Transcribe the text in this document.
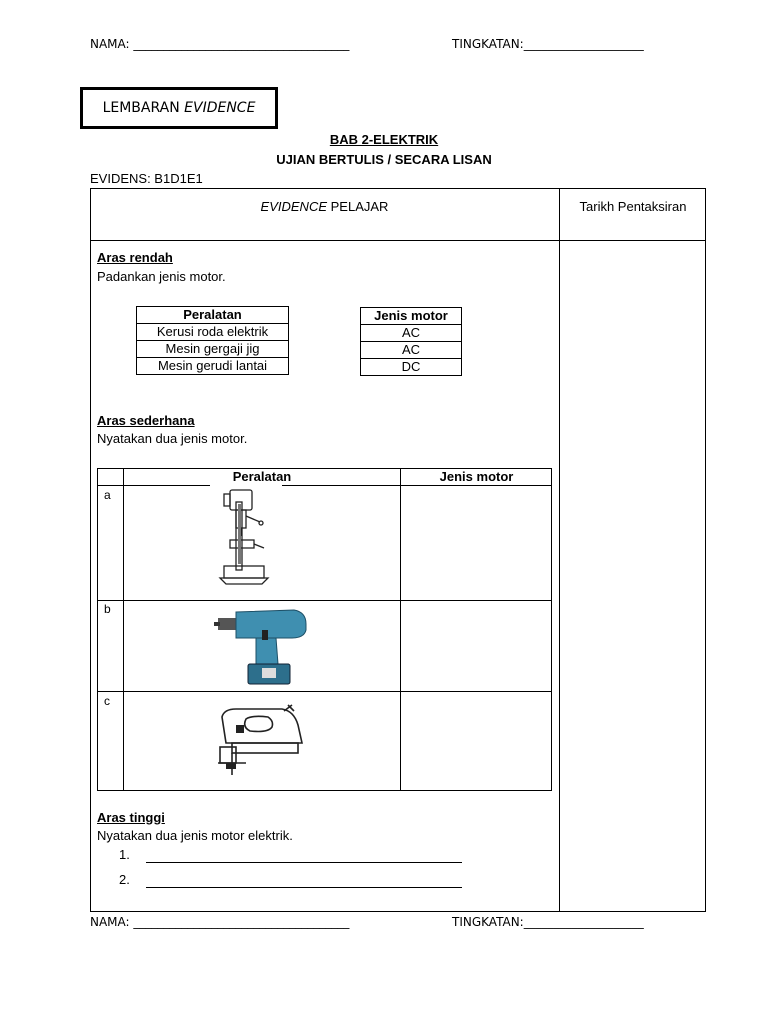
NAMA: ____________________________________	TINGKATAN:____________________
LEMBARAN EVIDENCE
BAB 2-ELEKTRIK
UJIAN BERTULIS / SECARA LISAN
EVIDENS: B1D1E1
EVIDENCE PELAJAR	Tarikh Pentaksiran
Aras rendah
Padankan jenis motor.
Peralatan
Kerusi roda elektrik
Mesin gergaji jig
Mesin gerudi lantai
Jenis motor
AC
AC
DC
Aras sederhana
Nyatakan dua jenis motor.
Peralatan	Jenis motor
a
b
c
Aras tinggi
Nyatakan dua jenis motor elektrik.
1.
2.
NAMA: ____________________________________	TINGKATAN:____________________
